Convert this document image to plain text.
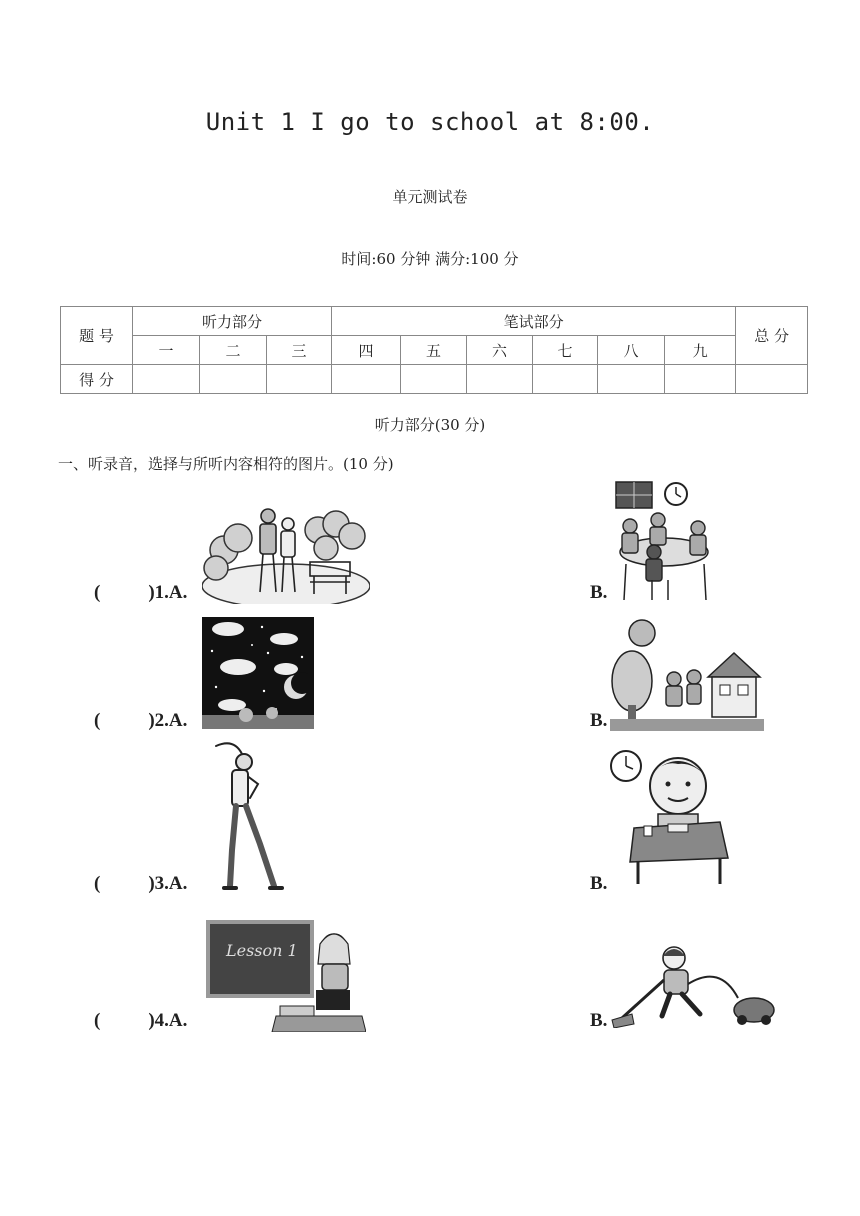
Unit 1 I go to school at 8:00.
单元测试卷
时间:60 分钟 满分:100 分
题 号	听力部分			笔试部分						总 分
	一	二	三	四	五	六	七	八	九	
得 分										
听力部分(30 分)
一、听录音，选择与所听内容相符的图片。(10 分)
(	)1.A.	B.
(	)2.A.	B.
(	)3.A.	B.
(	)4.A.
Lesson 1
B.
